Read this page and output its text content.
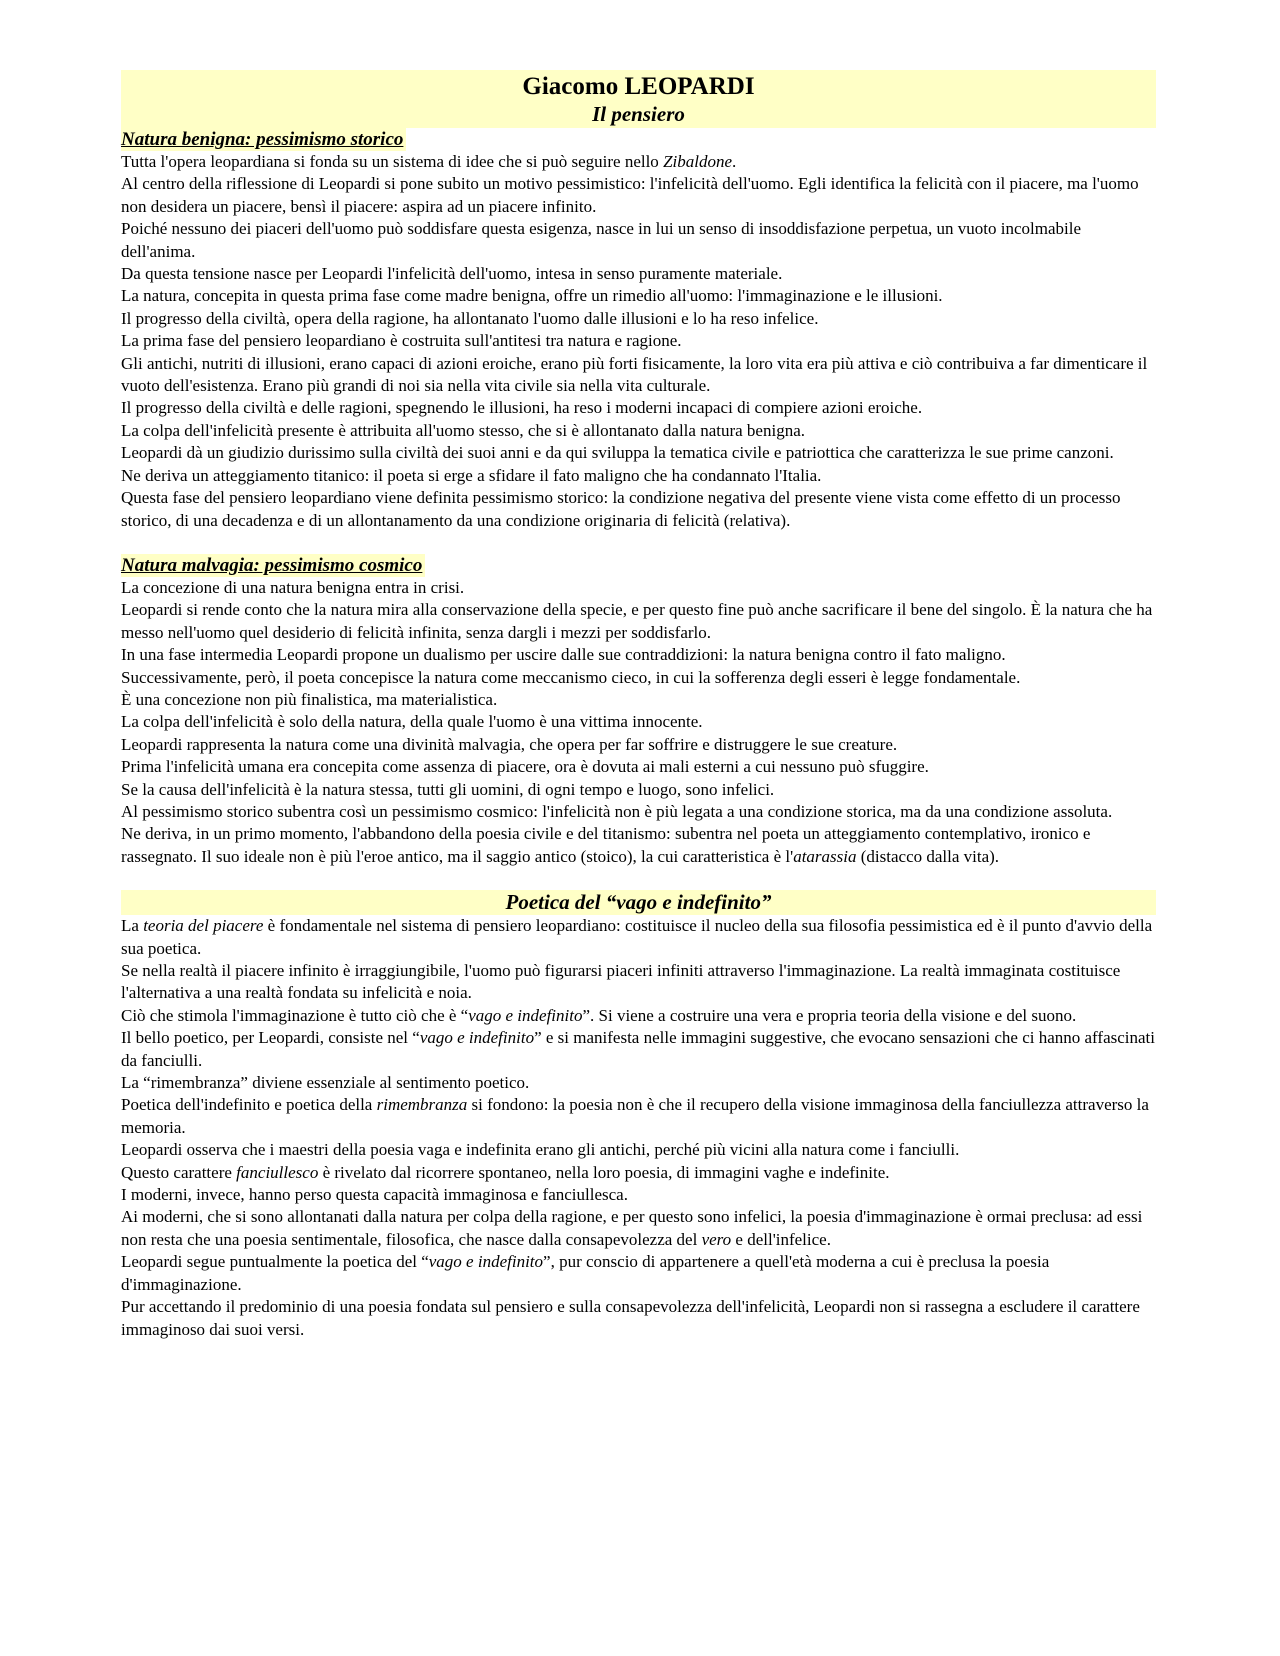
Giacomo LEOPARDI
Il pensiero
Natura benigna: pessimismo storico

Tutta l'opera leopardiana si fonda su un sistema di idee che si può seguire nello Zibaldone.

Al centro della riflessione di Leopardi si pone subito un motivo pessimistico: l'infelicità dell'uomo. Egli identifica la felicità con il piacere, ma l'uomo non desidera un piacere, bensì il piacere: aspira ad un piacere infinito.

Poiché nessuno dei piaceri dell'uomo può soddisfare questa esigenza, nasce in lui un senso di insoddisfazione perpetua, un vuoto incolmabile dell'anima.

Da questa tensione nasce per Leopardi l'infelicità dell'uomo, intesa in senso puramente materiale.

La natura, concepita in questa prima fase come madre benigna, offre un rimedio all'uomo: l'immaginazione e le illusioni.

Il progresso della civiltà, opera della ragione, ha allontanato l'uomo dalle illusioni e lo ha reso infelice.

La prima fase del pensiero leopardiano è costruita sull'antitesi tra natura e ragione.

Gli antichi, nutriti di illusioni, erano capaci di azioni eroiche, erano più forti fisicamente, la loro vita era più attiva e ciò contribuiva a far dimenticare il vuoto dell'esistenza. Erano più grandi di noi sia nella vita civile sia nella vita culturale.

Il progresso della civiltà e delle ragioni, spegnendo le illusioni, ha reso i moderni incapaci di compiere azioni eroiche.

La colpa dell'infelicità presente è attribuita all'uomo stesso, che si è allontanato dalla natura benigna.

Leopardi dà un giudizio durissimo sulla civiltà dei suoi anni e da qui sviluppa la tematica civile e patriottica che caratterizza le sue prime canzoni.

Ne deriva un atteggiamento titanico: il poeta si erge a sfidare il fato maligno che ha condannato l'Italia.

Questa fase del pensiero leopardiano viene definita pessimismo storico: la condizione negativa del presente viene vista come effetto di un processo storico, di una decadenza e di un allontanamento da una condizione originaria di felicità (relativa).

Natura malvagia: pessimismo cosmico

La concezione di una natura benigna entra in crisi.

Leopardi si rende conto che la natura mira alla conservazione della specie, e per questo fine può anche sacrificare il bene del singolo. È la natura che ha messo nell'uomo quel desiderio di felicità infinita, senza dargli i mezzi per soddisfarlo.

In una fase intermedia Leopardi propone un dualismo per uscire dalle sue contraddizioni: la natura benigna contro il fato maligno.

Successivamente, però, il poeta concepisce la natura come meccanismo cieco, in cui la sofferenza degli esseri è legge fondamentale.

È una concezione non più finalistica, ma materialistica.

La colpa dell'infelicità è solo della natura, della quale l'uomo è una vittima innocente.

Leopardi rappresenta la natura come una divinità malvagia, che opera per far soffrire e distruggere le sue creature.

Prima l'infelicità umana era concepita come assenza di piacere, ora è dovuta ai mali esterni a cui nessuno può sfuggire.

Se la causa dell'infelicità è la natura stessa, tutti gli uomini, di ogni tempo e luogo, sono infelici.

Al pessimismo storico subentra così un pessimismo cosmico: l'infelicità non è più legata a una condizione storica, ma da una condizione assoluta.

Ne deriva, in un primo momento, l'abbandono della poesia civile e del titanismo: subentra nel poeta un atteggiamento contemplativo, ironico e rassegnato. Il suo ideale non è più l'eroe antico, ma il saggio antico (stoico), la cui caratteristica è l'atarassia (distacco dalla vita).

Poetica del “vago e indefinito”

La teoria del piacere è fondamentale nel sistema di pensiero leopardiano: costituisce il nucleo della sua filosofia pessimistica ed è il punto d'avvio della sua poetica.

Se nella realtà il piacere infinito è irraggiungibile, l'uomo può figurarsi piaceri infiniti attraverso l'immaginazione. La realtà immaginata costituisce l'alternativa a una realtà fondata su infelicità e noia.

Ciò che stimola l'immaginazione è tutto ciò che è “vago e indefinito”. Si viene a costruire una vera e propria teoria della visione e del suono.

Il bello poetico, per Leopardi, consiste nel “vago e indefinito” e si manifesta nelle immagini suggestive, che evocano sensazioni che ci hanno affascinati da fanciulli.

La “rimembranza” diviene essenziale al sentimento poetico.

Poetica dell'indefinito e poetica della rimembranza si fondono: la poesia non è che il recupero della visione immaginosa della fanciullezza attraverso la memoria.

Leopardi osserva che i maestri della poesia vaga e indefinita erano gli antichi, perché più vicini alla natura come i fanciulli.

Questo carattere fanciullesco è rivelato dal ricorrere spontaneo, nella loro poesia, di immagini vaghe e indefinite.

I moderni, invece, hanno perso questa capacità immaginosa e fanciullesca.

Ai moderni, che si sono allontanati dalla natura per colpa della ragione, e per questo sono infelici, la poesia d'immaginazione è ormai preclusa: ad essi non resta che una poesia sentimentale, filosofica, che nasce dalla consapevolezza del vero e dell'infelice.

Leopardi segue puntualmente la poetica del “vago e indefinito”, pur conscio di appartenere a quell'età moderna a cui è preclusa la poesia d'immaginazione.

Pur accettando il predominio di una poesia fondata sul pensiero e sulla consapevolezza dell'infelicità, Leopardi non si rassegna a escludere il carattere immaginoso dai suoi versi.
